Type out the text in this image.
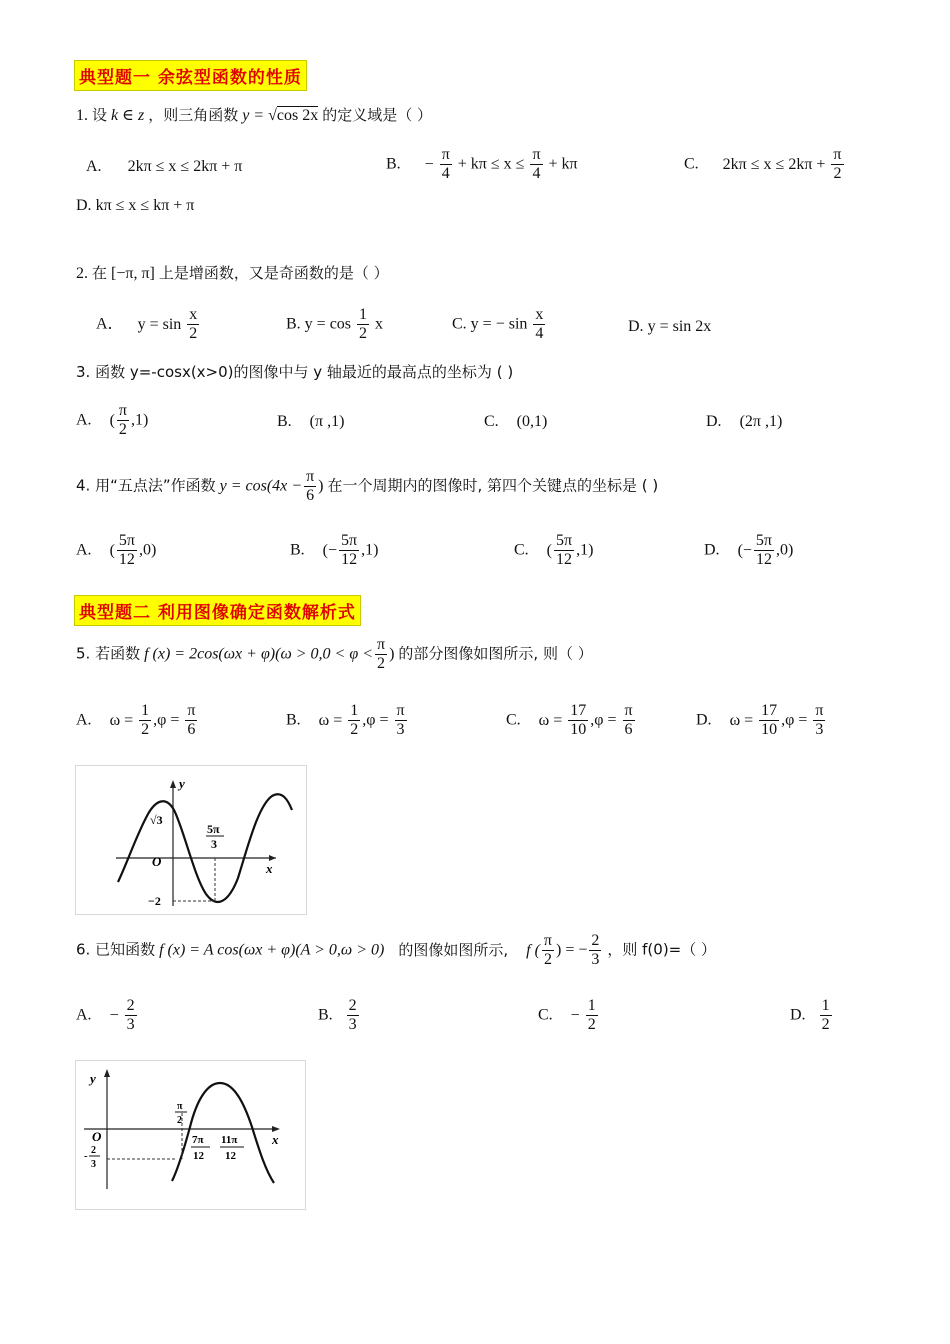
典型题一 余弦型函数的性质
1. 设 k ∈ z ，则三角函数 y = √cos 2x 的定义域是（ ）
A. 2kπ ≤ x ≤ 2kπ + π	B. − $\frac{\pi}{4} + k\pi \le x \le \frac{\pi}{4} + k\pi$	C. $2k\pi \le x \le 2k\pi + \frac{\pi}{2}$
D. kπ ≤ x ≤ kπ + π
2. 在 [−π, π] 上是增函数，又是奇函数的是（ ）
A． $y = \sin \frac{x}{2}$	B. $y = \cos \frac{1}{2}$ x	C. y = − $\sin \frac{x}{4}$	D. y = sin 2x
3. 函数 y=-cosx(x>0)的图像中与 y 轴最近的最高点的坐标为 ( )
A. ( $\frac{\pi}{2} ,1$)	B. (π ,1)	C. (0,1)	D. (2π ,1)
4. 用“五点法”作函数 $y = \cos(4x - \frac{\pi}{6}$ ) 在一个周期内的图像时, 第四个关键点的坐标是 ( )
A. ( $\frac{5\pi}{12} ,0$)	B. (− $\frac{5\pi}{12} ,1$)	C. ( $\frac{5\pi}{12} ,1$)	D. (− $\frac{5\pi}{12} ,0$)
典型题二 利用图像确定函数解析式
5. 若函数 f $(x) = 2\cos(\omega x + \varphi)(\omega > 0,0 < \varphi < \frac{\pi}{2}$ ) 的部分图像如图所示, 则（ ）
A. $\omega = \frac{1}{2} ,\varphi = \frac{\pi}{6}$	B. $\omega = \frac{1}{2} ,\varphi = \frac{\pi}{3}$	C. $\omega = \frac{17}{10} ,\varphi = \frac{\pi}{6}$	D. $\omega = \frac{17}{10} ,\varphi = \frac{\pi}{3}$
y
x
O
√3
5π
3
−2
6. 已知函数 f (x) = A cos(ωx + φ)(A > 0,ω > 0) 的图像如图所示, f ( $\frac{\pi}{2}$ ) = − $\frac{2}{3}$ ，则 f(0)=（ ）
A. − $\frac{2}{3}$	B. $\frac{2}{3}$	C. − $\frac{1}{2}$	D. $\frac{1}{2}$
y
x
O
- 2
3
π
2
7π
12
11π
12
